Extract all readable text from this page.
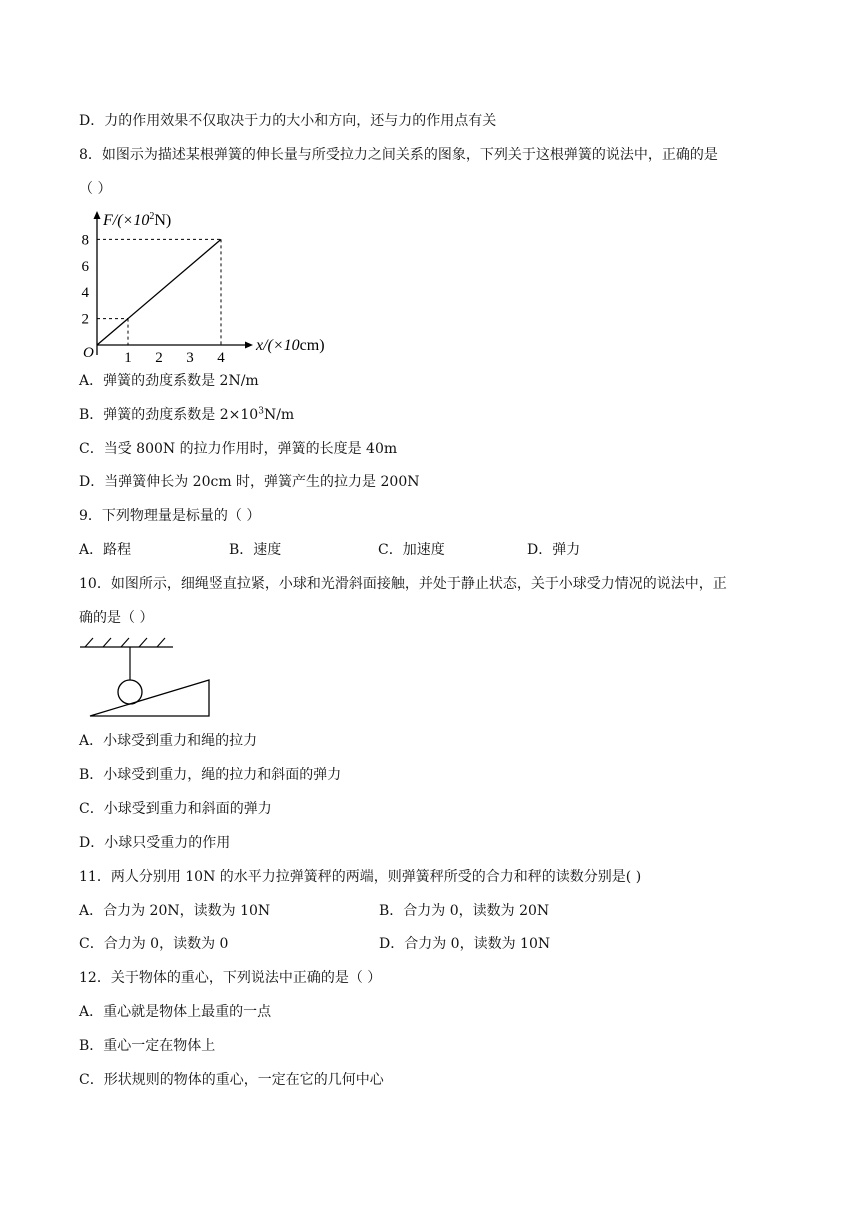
D．力的作用效果不仅取决于力的大小和方向，还与力的作用点有关
8．如图示为描述某根弹簧的伸长量与所受拉力之间关系的图象，下列关于这根弹簧的说法中，正确的是
（ ）
1 2 3 4
2
4
6
8
$F/(\times 10^2N)$
x/(×10cm)
O
A．弹簧的劲度系数是 2N/m
B．弹簧的劲度系数是 $2\times 10^3N/m$
C．当受 800N 的拉力作用时，弹簧的长度是 40m
D．当弹簧伸长为 20cm 时，弹簧产生的拉力是 200N
9．下列物理量是标量的（ ）
A．路程	B．速度	C．加速度	D．弹力
10．如图所示，细绳竖直拉紧，小球和光滑斜面接触，并处于静止状态，关于小球受力情况的说法中，正
确的是（ ）
A．小球受到重力和绳的拉力
B．小球受到重力，绳的拉力和斜面的弹力
C．小球受到重力和斜面的弹力
D．小球只受重力的作用
11．两人分别用 10N 的水平力拉弹簧秤的两端，则弹簧秤所受的合力和秤的读数分别是( )
A．合力为 20N，读数为 10N	B．合力为 0，读数为 20N
C．合力为 0，读数为 0	D．合力为 0，读数为 10N
12．关于物体的重心，下列说法中正确的是（ ）
A．重心就是物体上最重的一点
B．重心一定在物体上
C．形状规则的物体的重心，一定在它的几何中心
